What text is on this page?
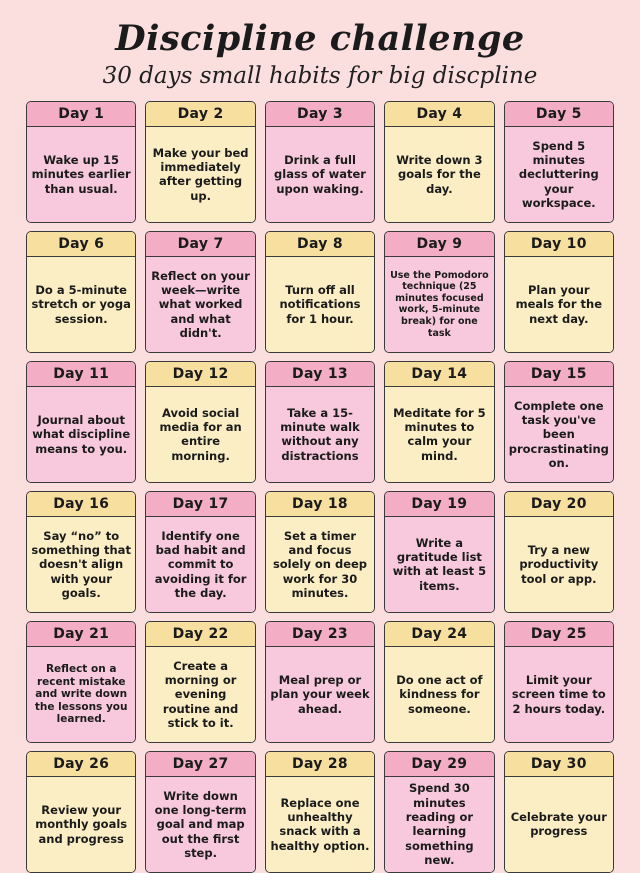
Discipline challenge
30 days small habits for big discpline
Day 1
Wake up 15 minutes earlier than usual.
Day 2
Make your bed immediately after getting up.
Day 3
Drink a full glass of water upon waking.
Day 4
Write down 3 goals for the day.
Day 5
Spend 5 minutes decluttering your workspace.
Day 6
Do a 5-minute stretch or yoga session.
Day 7
Reflect on your week—write what worked and what didn't.
Day 8
Turn off all notifications for 1 hour.
Day 9
Use the Pomodoro technique (25 minutes focused work, 5-minute break) for one task
Day 10
Plan your meals for the next day.
Day 11
Journal about what discipline means to you.
Day 12
Avoid social media for an entire morning.
Day 13
Take a 15-minute walk without any distractions
Day 14
Meditate for 5 minutes to calm your mind.
Day 15
Complete one task you've been procrastinating on.
Day 16
Say “no” to something that doesn't align with your goals.
Day 17
Identify one bad habit and commit to avoiding it for the day.
Day 18
Set a timer and focus solely on deep work for 30 minutes.
Day 19
Write a gratitude list with at least 5 items.
Day 20
Try a new productivity tool or app.
Day 21
Reflect on a recent mistake and write down the lessons you learned.
Day 22
Create a morning or evening routine and stick to it.
Day 23
Meal prep or plan your week ahead.
Day 24
Do one act of kindness for someone.
Day 25
Limit your screen time to 2 hours today.
Day 26
Review your monthly goals and progress
Day 27
Write down one long-term goal and map out the first step.
Day 28
Replace one unhealthy snack with a healthy option.
Day 29
Spend 30 minutes reading or learning something new.
Day 30
Celebrate your progress
